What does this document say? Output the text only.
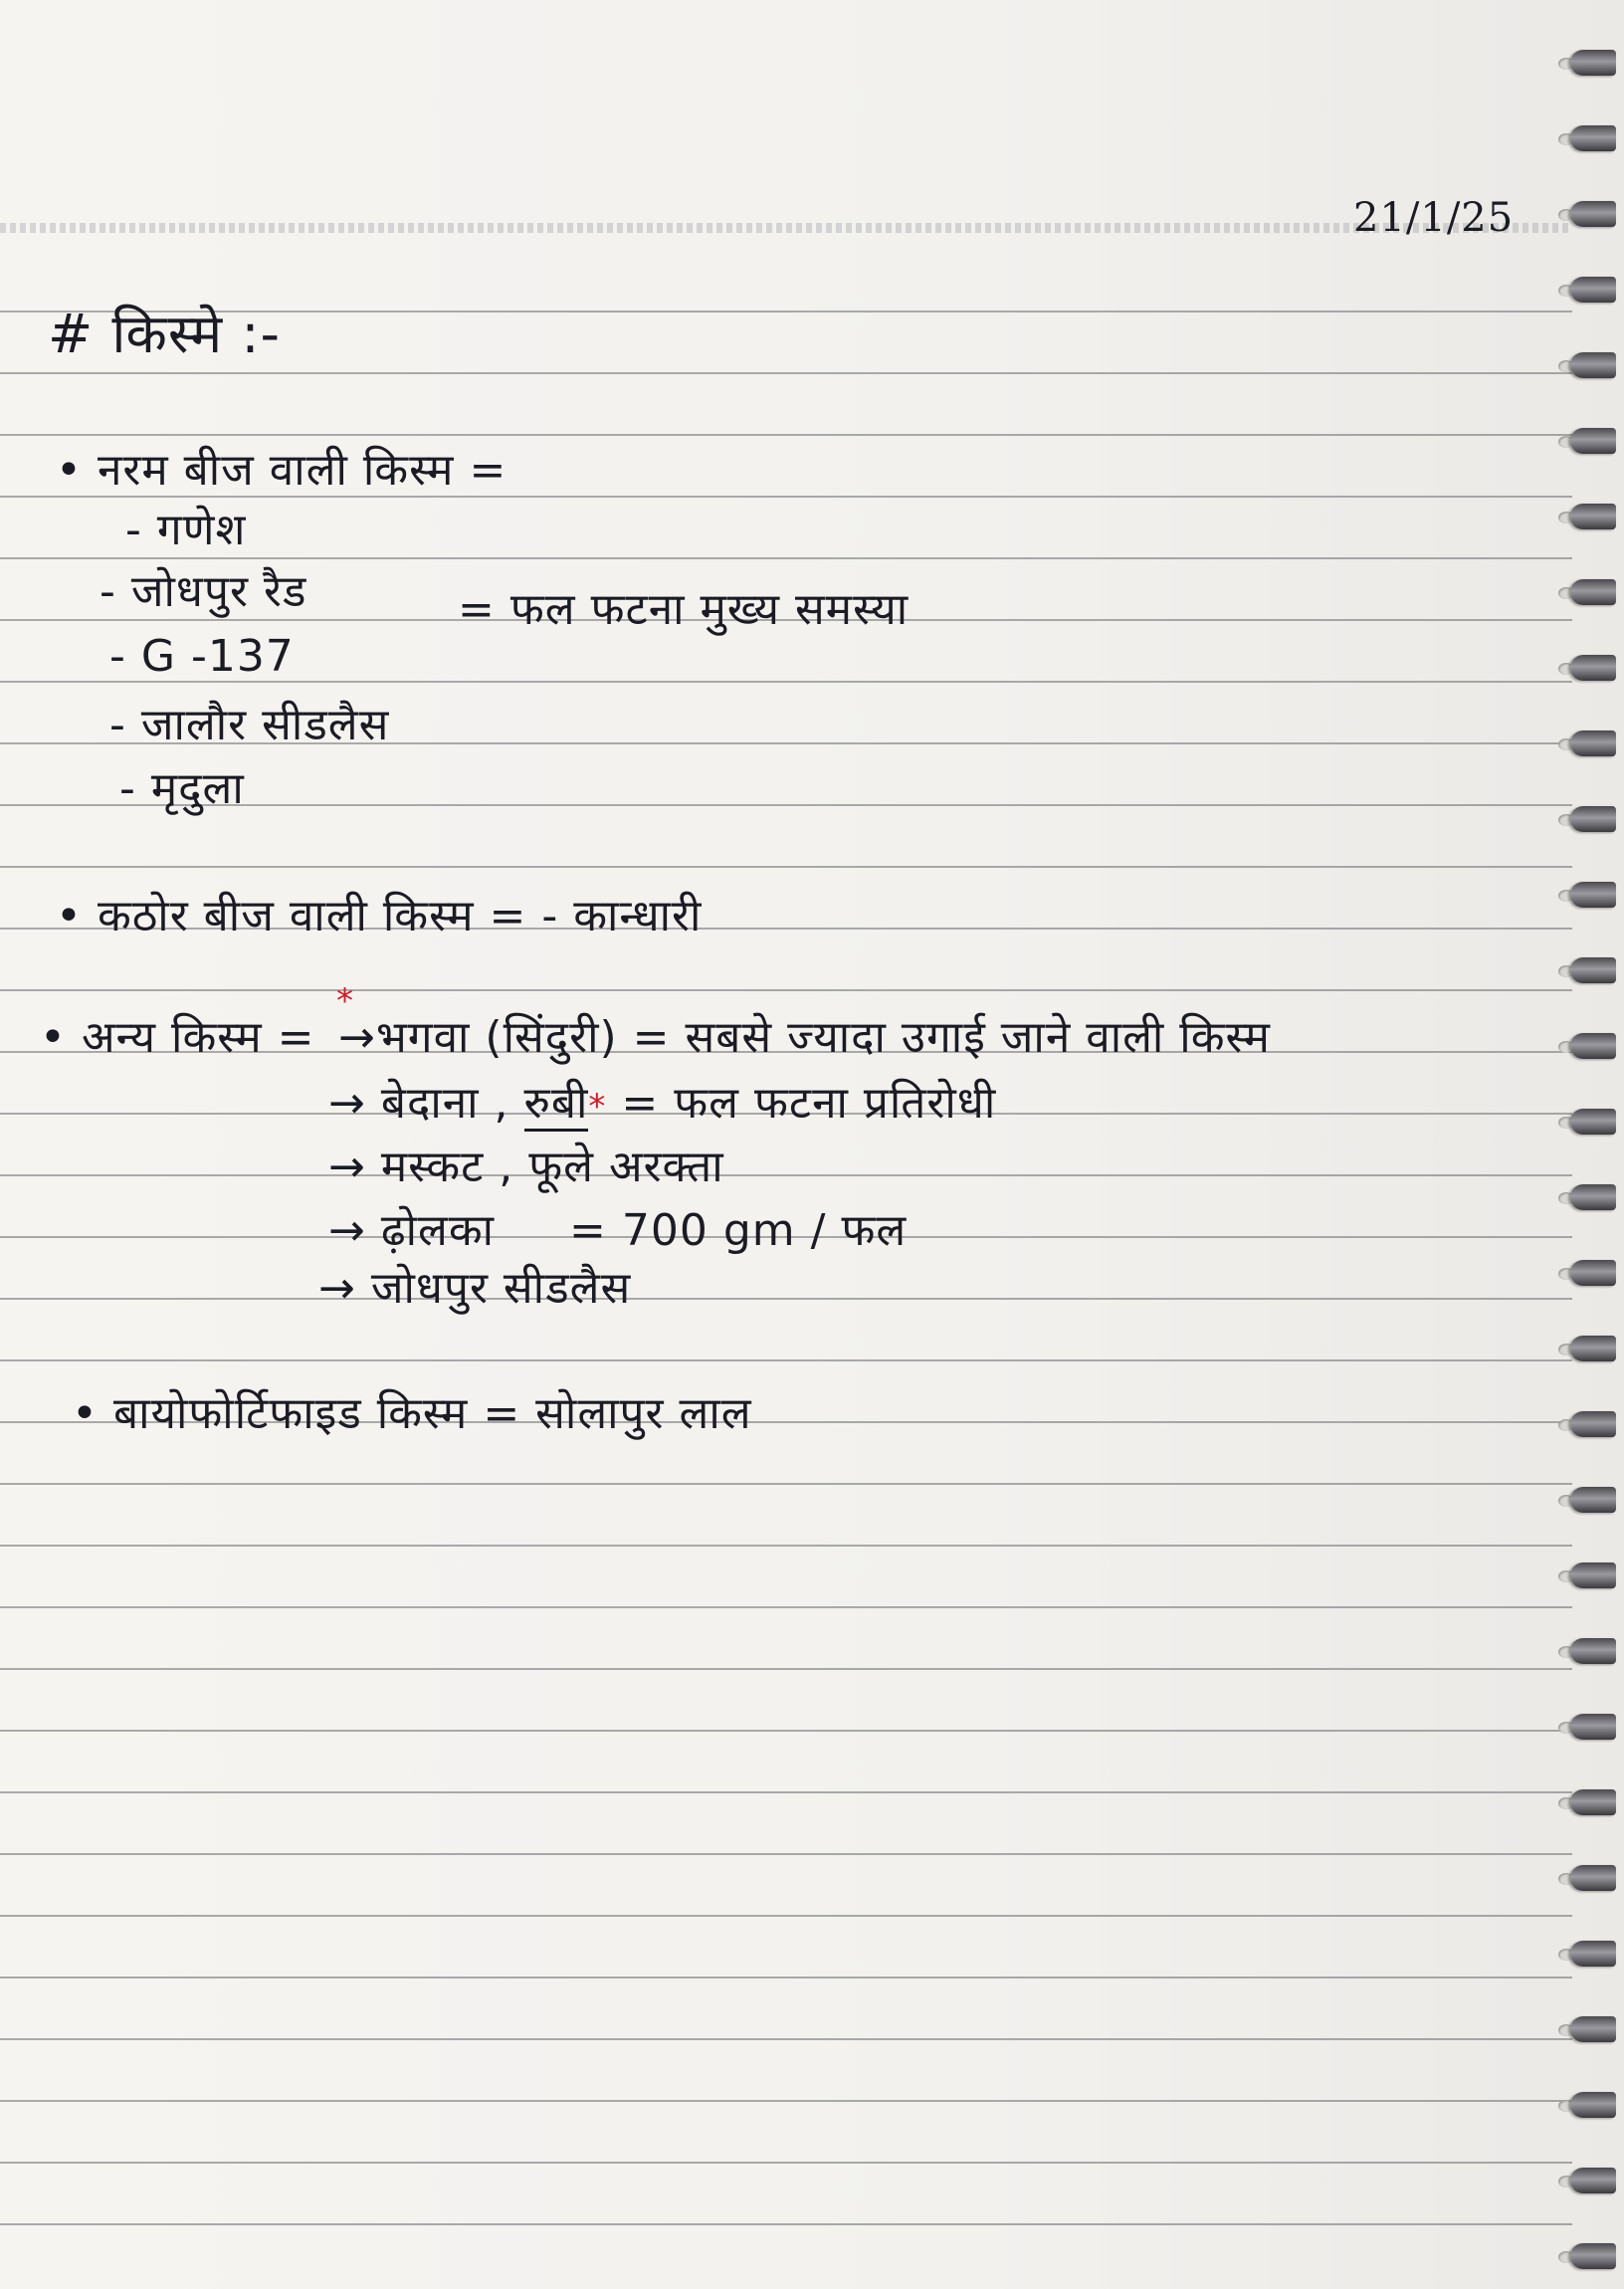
21/1/25
# किस्मे :-
• नरम बीज वाली किस्म =
- गणेश
- जोधपुर रैड	= फल फटना मुख्य समस्या
- G -137
- जालौर सीडलैस
- मृदुला
• कठोर बीज वाली किस्म = - कान्धारी
*
• अन्य किस्म = →भगवा (सिंदुरी) = सबसे ज्यादा उगाई जाने वाली किस्म
→ बेदाना , रुबी* = फल फटना प्रतिरोधी
→ मस्कट , फूले अरक्ता
→ ढ़ोलका = 700 gm / फल
→ जोधपुर सीडलैस
• बायोफोर्टिफाइड किस्म = सोलापुर लाल
